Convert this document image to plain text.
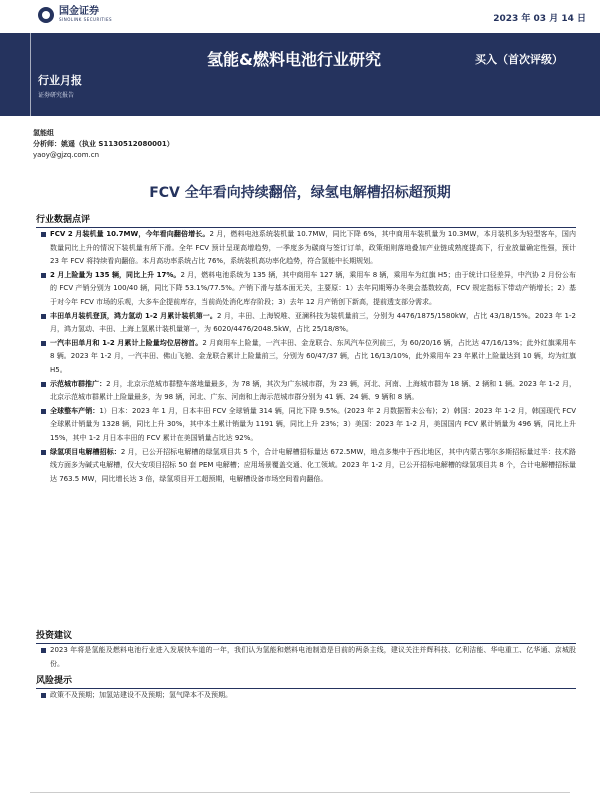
国金证券
SINOLINK SECURITIES	2023 年 03 月 14 日
氢能&燃料电池行业研究	买入（首次评级）
行业月报
证券研究报告
氢能组
分析师：姚遥（执业 S1130512080001）
yaoy@gjzq.com.cn
FCV 全年看向持续翻倍，绿氢电解槽招标超预期
行业数据点评
FCV 2 月装机量 10.7MW，今年看向翻倍增长。2 月，燃料电池系统装机量 10.7MW，同比下降 6%，其中商用车装机量为 10.3MW，本月装机多为轻型客车，国内数量同比上升的情况下装机量有所下滑。全年 FCV 预计呈现高增趋势，一季度多为碳商与签订订单，政策细则落地叠加产业链成熟度提高下，行业放量确定性强，预计 23 年 FCV 将持续看向翻倍。本月高功率系统占比 76%，系统装机高功率化趋势，符合氢能中长期规划。
2 月上险量为 135 辆，同比上升 17%。2 月，燃料电池系统为 135 辆，其中商用车 127 辆，乘用车 8 辆，乘用车为红旗 H5；由于统计口径差异，中汽协 2 月份公布的 FCV 产销分别为 100/40 辆，同比下降 53.1%/77.5%。产销下滑与基本面无关，主要原：1）去年同期筹办冬奥会基数较高，FCV 规定指标下带动产销增长；2）基于对今年 FCV 市场的乐观，大多车企提前库存，当前尚处消化库存阶段；3）去年 12 月产销创下新高，提前透支部分需求。
丰田单月装机登顶，鸿力氢动 1-2 月累计装机第一。2 月，丰田、上海锐唯、亚澜科技为装机量前三，分别为 4476/1875/1580kW，占比 43/18/15%。2023 年 1-2 月，鸿力氢动、丰田、上海上氢累计装机量第一，为 6020/4476/2048.5kW，占比 25/18/8%。
一汽丰田单月和 1-2 月累计上险量均位居榜首。2 月商用车上险量，一汽丰田、金龙联合、东风汽车位列前三，为 60/20/16 辆，占比达 47/16/13%；此外红旗乘用车 8 辆。2023 年 1-2 月，一汽丰田、佛山飞驰、金龙联合累计上险量前三，分别为 60/47/37 辆，占比 16/13/10%，此外乘用车 23 年累计上险量达到 10 辆，均为红旗 H5。
示范城市群推广：2 月，北京示范城市群整车落地量最多，为 78 辆，其次为广东城市群，为 23 辆，河北、河南、上海城市群为 18 辆、2 辆和 1 辆。2023 年 1-2 月，北京示范城市群累计上险量最多，为 98 辆，河北、广东、河南和上海示范城市群分别为 41 辆、24 辆、9 辆和 8 辆。
全球整车产销：1）日本：2023 年 1 月，日本丰田 FCV 全球销量 314 辆，同比下降 9.5%。(2023 年 2 月数据暂未公布)；2）韩国：2023 年 1-2 月，韩国现代 FCV 全球累计销量为 1328 辆，同比上升 30%，其中本土累计销量为 1191 辆，同比上升 23%；3）美国：2023 年 1-2 月，美国国内 FCV 累计销量为 496 辆，同比上升 15%，其中 1-2 月日本丰田的 FCV 累计在美国销量占比达 92%。
绿氢项目电解槽招标：2 月，已公开招标电解槽的绿氢项目共 5 个，合计电解槽招标量达 672.5MW，地点多集中于西北地区，其中内蒙古鄂尔多斯招标量过半：技术路线方面多为碱式电解槽，仅大安项目招标 50 套 PEM 电解槽；应用场景覆盖交通、化工领域。2023 年 1-2 月，已公开招标电解槽的绿氢项目共 8 个，合计电解槽招标量达 763.5 MW，同比增长达 3 倍，绿氢项目开工超预期，电解槽设备市场空间看向翻倍。
投资建议
2023 年将是氢能及燃料电池行业进入发展快车道的一年，我们认为氢能和燃料电池制造是目前的两条主线，建议关注并辉科技、亿利洁能、华电重工、亿华通、京城股份。
风险提示
政策不及预期；加氢站建设不及预期；氢气降本不及预期。
